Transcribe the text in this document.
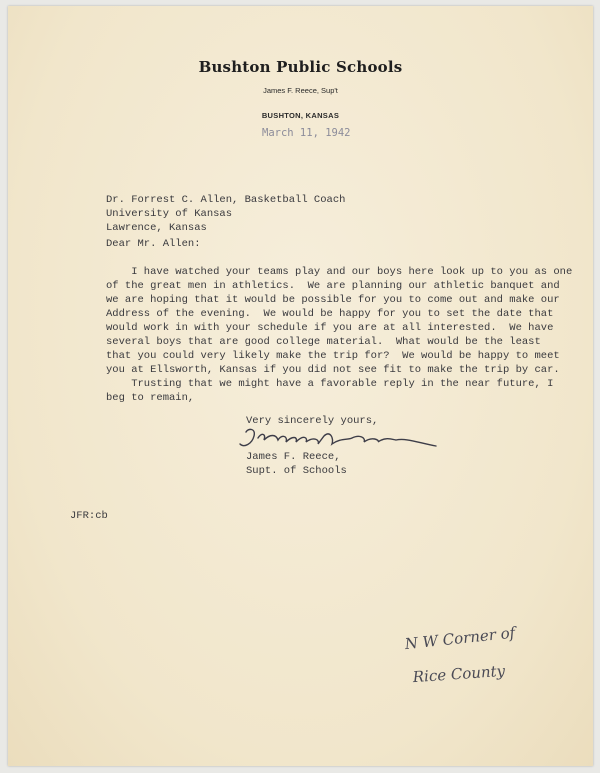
Bushton Public Schools
James F. Reece, Sup't
BUSHTON, KANSAS
March 11, 1942
Dr. Forrest C. Allen, Basketball Coach
University of Kansas
Lawrence, Kansas
Dear Mr. Allen:
I have watched your teams play and our boys here look up to you as one
of the great men in athletics.  We are planning our athletic banquet and
we are hoping that it would be possible for you to come out and make our
Address of the evening.  We would be happy for you to set the date that
would work in with your schedule if you are at all interested.  We have
several boys that are good college material.  What would be the least
that you could very likely make the trip for?  We would be happy to meet
you at Ellsworth, Kansas if you did not see fit to make the trip by car.
Trusting that we might have a favorable reply in the near future, I
beg to remain,
Very sincerely yours,
James F. Reece,
Supt. of Schools
JFR:cb
N W Corner of
Rice County
